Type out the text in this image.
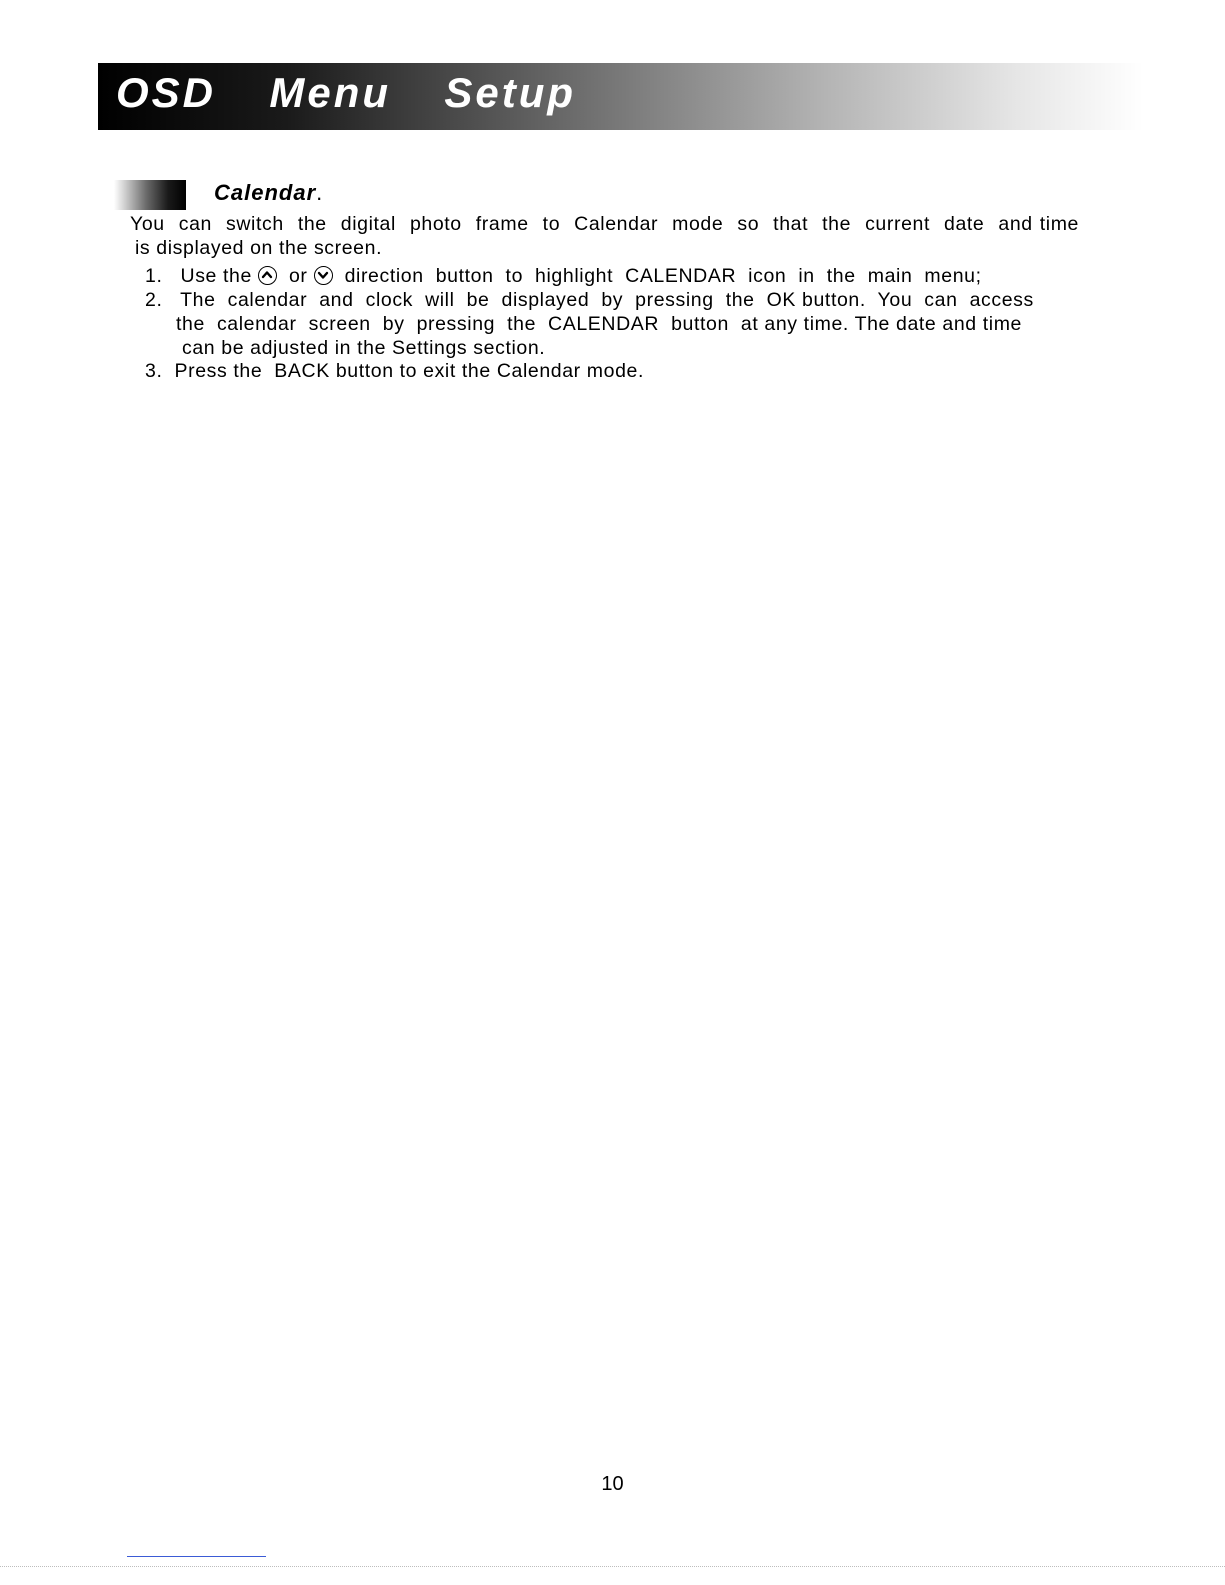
OSD  Menu  Setup
Calendar.
You  can  switch  the  digital  photo  frame  to  Calendar  mode  so  that  the  current  date  and time
is displayed on the screen.
1.   Use the
or
direction  button  to  highlight  CALENDAR  icon  in  the  main  menu;
2.   The  calendar  and  clock  will  be  displayed  by  pressing  the  OK button.  You  can  access
the  calendar  screen  by  pressing  the  CALENDAR  button  at any time. The date and time
can be adjusted in the Settings section.
3.  Press the  BACK button to exit the Calendar mode.
10
